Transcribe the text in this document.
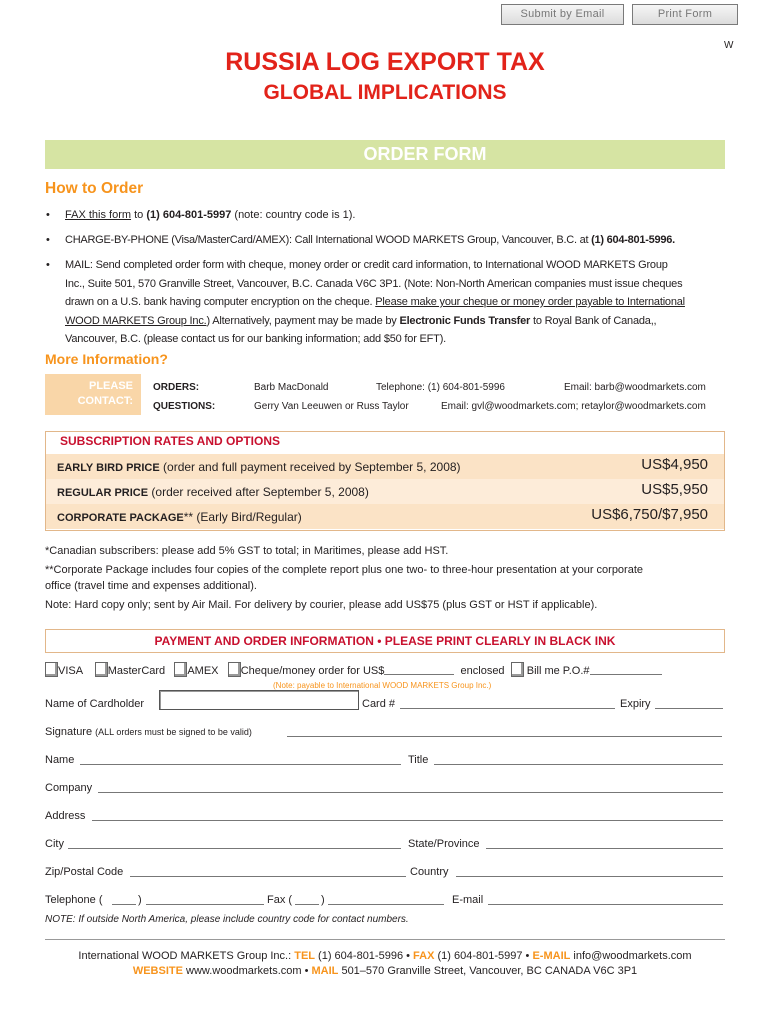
Submit by Email	Print Form
W
RUSSIA LOG EXPORT TAX
GLOBAL IMPLICATIONS
ORDER FORM
How to Order
• FAX this form to (1) 604-801-5997 (note: country code is 1).
• CHARGE-BY-PHONE (Visa/MasterCard/AMEX): Call International WOOD MARKETS Group, Vancouver, B.C. at (1) 604-801-5996.
• MAIL: Send completed order form with cheque, money order or credit card information, to International WOOD MARKETS Group
Inc., Suite 501, 570 Granville Street, Vancouver, B.C. Canada V6C 3P1. (Note: Non-North American companies must issue cheques
drawn on a U.S. bank having computer encryption on the cheque. Please make your cheque or money order payable to International
WOOD MARKETS Group Inc.) Alternatively, payment may be made by Electronic Funds Transfer to Royal Bank of Canada,,
Vancouver, B.C. (please contact us for our banking information; add $50 for EFT).
More Information?
PLEASE
CONTACT:
ORDERS:	Barb MacDonald	Telephone: (1) 604-801-5996	Email: barb@woodmarkets.com
QUESTIONS:	Gerry Van Leeuwen or Russ Taylor	Email: gvl@woodmarkets.com; retaylor@woodmarkets.com
SUBSCRIPTION RATES AND OPTIONS
EARLY BIRD PRICE (order and full payment received by September 5, 2008)	US$4,950
REGULAR PRICE (order received after September 5, 2008)	US$5,950
CORPORATE PACKAGE** (Early Bird/Regular)	US$6,750/$7,950
*Canadian subscribers: please add 5% GST to total; in Maritimes, please add HST.
**Corporate Package includes four copies of the complete report plus one two- to three-hour presentation at your corporate
office (travel time and expenses additional).
Note: Hard copy only; sent by Air Mail. For delivery by courier, please add US$75 (plus GST or HST if applicable).
PAYMENT AND ORDER INFORMATION • PLEASE PRINT CLEARLY IN BLACK INK
VISA MasterCard AMEX Cheque/money order for US$	enclosed Bill me P.O.#
(Note: payable to International WOOD MARKETS Group Inc.)
Name of Cardholder	Card #	Expiry
Signature (ALL orders must be signed to be valid)
Name	Title
Company
Address
City	State/Province
Zip/Postal Code	Country
Telephone (	)	Fax (	)	E-mail
NOTE: If outside North America, please include country code for contact numbers.
International WOOD MARKETS Group Inc.: TEL (1) 604-801-5996 • FAX (1) 604-801-5997 • E-MAIL info@woodmarkets.com
WEBSITE www.woodmarkets.com • MAIL 501–570 Granville Street, Vancouver, BC CANADA V6C 3P1
